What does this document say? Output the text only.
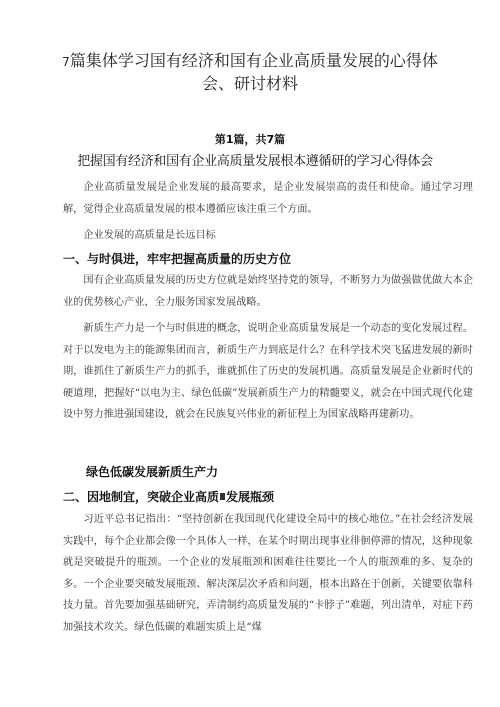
7篇集体学习国有经济和国有企业高质量发展的心得体
会、研讨材料
第1篇，共7篇
把握国有经济和国有企业高质量发展根本遵循研的学习心得体会

企业高质量发展是企业发展的最高要求，是企业发展崇高的责任和使命。通过学习理解，觉得企业高质量发展的根本遵循应该注重三个方面。

企业发展的高质量是长远目标

一、与时俱进，牢牢把握高质量的历史方位

国有企业高质量发展的历史方位就是始终坚持党的领导，不断努力为做强做优做大本企业的优势核心产业，全力服务国家发展战略。

新质生产力是一个与时俱进的概念，说明企业高质量发展是一个动态的变化发展过程。对于以发电为主的能源集团而言，新质生产力到底是什么？在科学技术突飞猛进发展的新时期，谁抓住了新质生产力的抓手，谁就抓住了历史的发展机遇。高质量发展是企业新时代的硬道理，把握好“以电为主、绿色低碳”发展新质生产力的精髓要义，就会在中国式现代化建设中努力推进强国建设，就会在民族复兴伟业的新征程上为国家战略再建新功。

绿色低碳发展新质生产力
二、因地制宜，突破企业高质 发展瓶颈

习近平总书记指出：“坚持创新在我国现代化建设全局中的核心地位。”在社会经济发展实践中，每个企业都会像一个具体人一样，在某个时期出现事业徘徊停滞的情况，这种现象就是突破提升的瓶颈。一个企业的发展瓶颈和困难往往要比一个人的瓶颈难的多、复杂的多。一个企业要突破发展瓶颈、解决深层次矛盾和问题，根本出路在于创新，关键要依靠科技力量。首先要加强基础研究，弄清制约高质量发展的“卡脖子”难题，列出清单，对症下药加强技术攻关。绿色低碳的难题实质上是“煤
